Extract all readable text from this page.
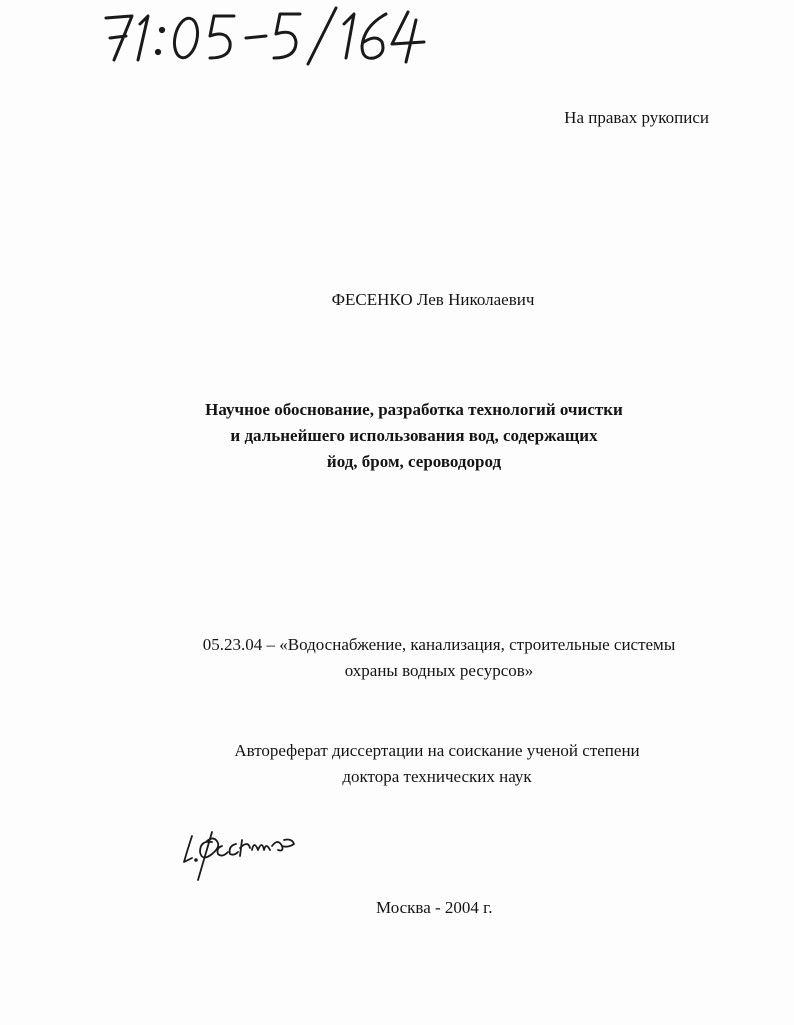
На правах рукописи
ФЕСЕНКО Лев Николаевич
Научное обоснование, разработка технологий очистки
и дальнейшего использования вод, содержащих
йод, бром, сероводород
05.23.04 – «Водоснабжение, канализация, строительные системы
охраны водных ресурсов»
Автореферат диссертации на соискание ученой степени
доктора технических наук
Москва - 2004 г.
